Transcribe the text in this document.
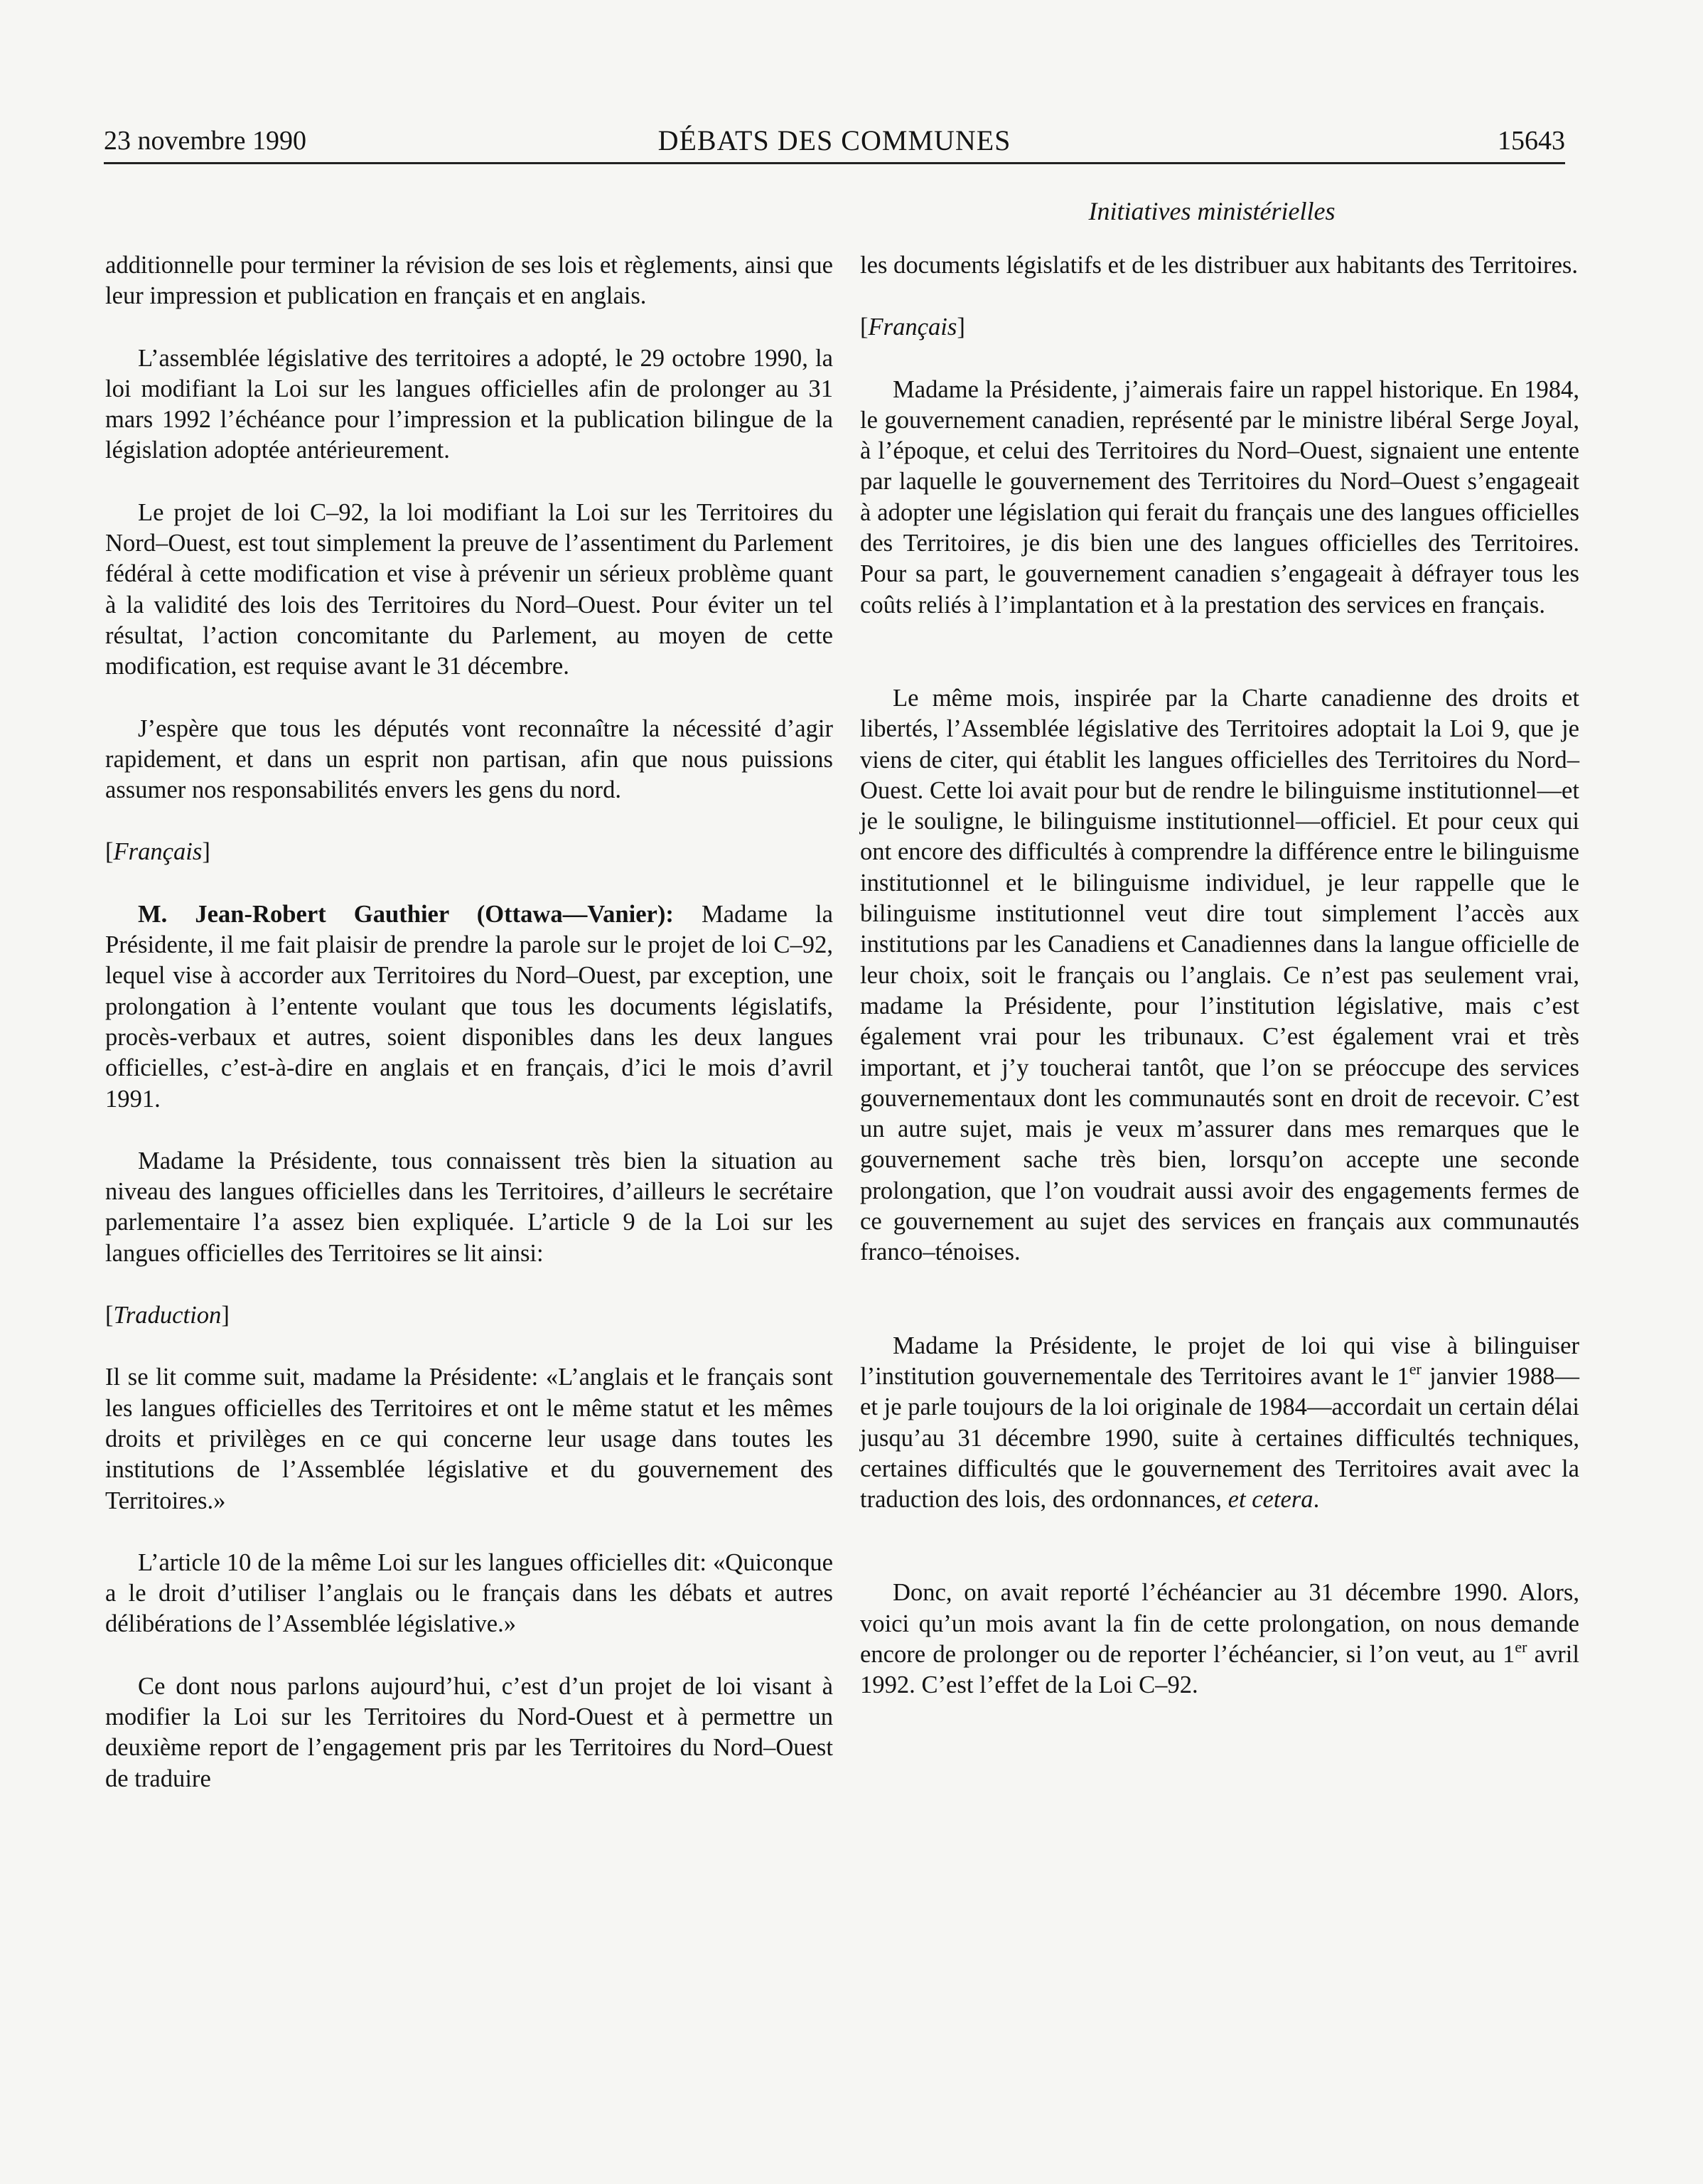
23 novembre 1990	DÉBATS DES COMMUNES	15643
Initiatives ministérielles

additionnelle pour terminer la révision de ses lois et règlements, ainsi que leur impression et publication en français et en anglais.

L’assemblée législative des territoires a adopté, le 29 octobre 1990, la loi modifiant la Loi sur les langues officielles afin de prolonger au 31 mars 1992 l’échéance pour l’impression et la publication bilingue de la législation adoptée antérieurement.

Le projet de loi C–92, la loi modifiant la Loi sur les Territoires du Nord–Ouest, est tout simplement la preuve de l’assentiment du Parlement fédéral à cette modification et vise à prévenir un sérieux problème quant à la validité des lois des Territoires du Nord–Ouest. Pour éviter un tel résultat, l’action concomitante du Parlement, au moyen de cette modification, est requise avant le 31 décembre.

J’espère que tous les députés vont reconnaître la nécessité d’agir rapidement, et dans un esprit non partisan, afin que nous puissions assumer nos responsabilités envers les gens du nord.

[Français]

M. Jean-Robert Gauthier (Ottawa—Vanier): Madame la Présidente, il me fait plaisir de prendre la parole sur le projet de loi C–92, lequel vise à accorder aux Territoires du Nord–Ouest, par exception, une prolongation à l’entente voulant que tous les documents législatifs, procès-verbaux et autres, soient disponibles dans les deux langues officielles, c’est-à-dire en anglais et en français, d’ici le mois d’avril 1991.

Madame la Présidente, tous connaissent très bien la situation au niveau des langues officielles dans les Territoires, d’ailleurs le secrétaire parlementaire l’a assez bien expliquée. L’article 9 de la Loi sur les langues officielles des Territoires se lit ainsi:

[Traduction]

Il se lit comme suit, madame la Présidente: «L’anglais et le français sont les langues officielles des Territoires et ont le même statut et les mêmes droits et privilèges en ce qui concerne leur usage dans toutes les institutions de l’Assemblée législative et du gouvernement des Territoires.»

L’article 10 de la même Loi sur les langues officielles dit: «Quiconque a le droit d’utiliser l’anglais ou le français dans les débats et autres délibérations de l’Assemblée législative.»

Ce dont nous parlons aujourd’hui, c’est d’un projet de loi visant à modifier la Loi sur les Territoires du Nord-Ouest et à permettre un deuxième report de l’engagement pris par les Territoires du Nord–Ouest de traduire

les documents législatifs et de les distribuer aux habitants des Territoires.

[Français]

Madame la Présidente, j’aimerais faire un rappel historique. En 1984, le gouvernement canadien, représenté par le ministre libéral Serge Joyal, à l’époque, et celui des Territoires du Nord–Ouest, signaient une entente par laquelle le gouvernement des Territoires du Nord–Ouest s’engageait à adopter une législation qui ferait du français une des langues officielles des Territoires, je dis bien une des langues officielles des Territoires. Pour sa part, le gouvernement canadien s’engageait à défrayer tous les coûts reliés à l’implantation et à la prestation des services en français.

Le même mois, inspirée par la Charte canadienne des droits et libertés, l’Assemblée législative des Territoires adoptait la Loi 9, que je viens de citer, qui établit les langues officielles des Territoires du Nord–Ouest. Cette loi avait pour but de rendre le bilinguisme institutionnel—et je le souligne, le bilinguisme institutionnel—officiel. Et pour ceux qui ont encore des difficultés à comprendre la différence entre le bilinguisme institutionnel et le bilinguisme individuel, je leur rappelle que le bilinguisme institutionnel veut dire tout simplement l’accès aux institutions par les Canadiens et Canadiennes dans la langue officielle de leur choix, soit le français ou l’anglais. Ce n’est pas seulement vrai, madame la Présidente, pour l’institution législative, mais c’est également vrai pour les tribunaux. C’est également vrai et très important, et j’y toucherai tantôt, que l’on se préoccupe des services gouvernementaux dont les communautés sont en droit de recevoir. C’est un autre sujet, mais je veux m’assurer dans mes remarques que le gouvernement sache très bien, lorsqu’on accepte une seconde prolongation, que l’on voudrait aussi avoir des engagements fermes de ce gouvernement au sujet des services en français aux communautés franco–ténoises.

Madame la Présidente, le projet de loi qui vise à bilinguiser l’institution gouvernementale des Territoires avant le 1er janvier 1988—et je parle toujours de la loi originale de 1984—accordait un certain délai jusqu’au 31 décembre 1990, suite à certaines difficultés techniques, certaines difficultés que le gouvernement des Territoires avait avec la traduction des lois, des ordonnances, et cetera.

Donc, on avait reporté l’échéancier au 31 décembre 1990. Alors, voici qu’un mois avant la fin de cette prolongation, on nous demande encore de prolonger ou de reporter l’échéancier, si l’on veut, au 1er avril 1992. C’est l’effet de la Loi C–92.
